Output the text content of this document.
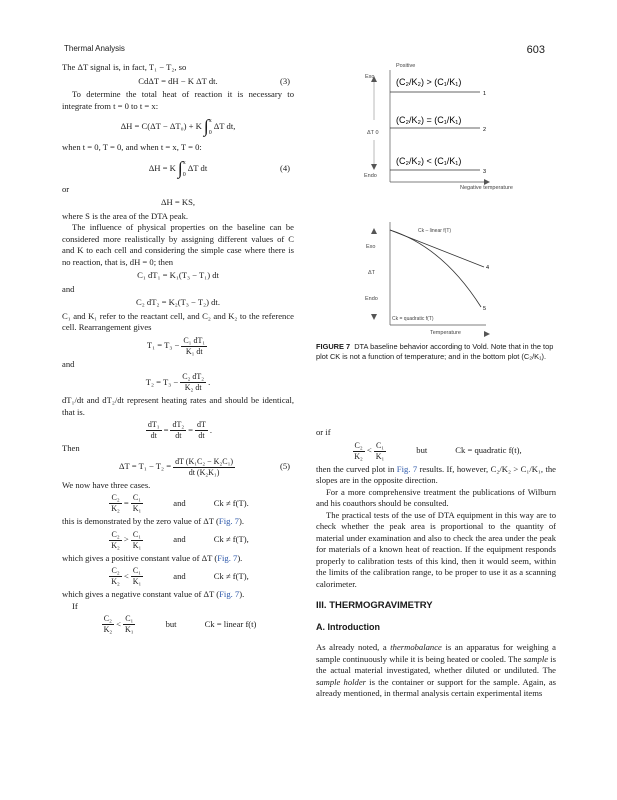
Thermal Analysis	603

The ΔT signal is, in fact, T₁ − T₂, so

CdΔT = dH − K ΔT dt.	(3)

To determine the total heat of reaction it is necessary to integrate from t = 0 to t = x:

ΔH = C(ΔT − ΔT₀) + K ∫ x
0
ΔT dt,

when t = 0, T = 0, and when t = x, T = 0:

ΔH = K ∫ x
0
ΔT dt	(4)

or

ΔH = KS,

where S is the area of the DTA peak.

The influence of physical properties on the baseline can be considered more realistically by assigning different values of C and K to each cell and considering the simple case where there is no reaction, that is, dH = 0; then

C₁ dT₁ = K₁(T₃ − T₁) dt

and

C₂ dT₂ = K₂(T₃ − T₂) dt.

C₁ and K₁ refer to the reactant cell, and C₂ and K₂ to the reference cell. Rearrangement gives

$T_1 = T_3 - \frac{\text{C₁ dT₁}}{\text{K₁ dt}}$

and

$T_2 = T_3 - \frac{\text{C₂ dT₂}}{\text{K₂ dt}}$ .

dT₁/dt and dT₂/dt represent heating rates and should be identical, that is.

$\frac{\text{dT₁}}{dt} = \frac{\text{dT₂}}{dt} = \frac{dT}{dt}$ .

Then

$\Delta T = T_1 - T_2 = \frac{\text{dT (K₁C₂ − K₂C₁)}}{\text{dt (K₂K₁)}}$	(5)

We now have three cases.

$\frac{\text{C₂}}{\text{K₂}} = \frac{\text{C₁}}{\text{K₁}}$	and	Ck ≠ f(T).

this is demonstrated by the zero value of ΔT (Fig. 7).

$\frac{\text{C₂}}{\text{K₂}} > \frac{\text{C₁}}{\text{K₁}}$	and	Ck ≠ f(T),

which gives a positive constant value of ΔT (Fig. 7).

$\frac{\text{C₂}}{\text{K₂}} < \frac{\text{C₁}}{\text{K₁}}$	and	Ck ≠ f(T),

which gives a negative constant value of ΔT (Fig. 7).

If

$\frac{\text{C₂}}{\text{K₂}} < \frac{\text{C₁}}{\text{K₁}}$	but	Ck = linear f(t)
Positive
Negative temperature
Exo
ΔT 0
Endo
1
2
3
(C₂/K₂) > (C₁/K₁)
(C₂/K₂) = (C₁/K₁)
(C₂/K₂) < (C₁/K₁)
Exo
ΔT
Endo
Ck – linear f(T)
4
5
Ck = quadratic f(T)
Temperature
FIGURE 7 DTA baseline behavior according to Vold. Note that in the top plot CK is not a function of temperature; and in the bottom plot (C₂/K₁).

or if

$\frac{\text{C₂}}{\text{K₂}} < \frac{\text{C₁}}{\text{K₁}}$	but	Ck = quadratic f(t),

then the curved plot in Fig. 7 results. If, however, C₂/K₂ > C₁/K₁, the slopes are in the opposite direction.

For a more comprehensive treatment the publications of Wilburn and his coauthors should be consulted.

The practical tests of the use of DTA equipment in this way are to check whether the peak area is proportional to the quantity of material under examination and also to check the area under the peak for materials of a known heat of reaction. If the equipment responds properly to calibration tests of this kind, then it would seem, within the limits of the calibration range, to be proper to use it as a scanning calorimeter.

III. THERMOGRAVIMETRY
A. Introduction

As already noted, a thermobalance is an apparatus for weighing a sample continuously while it is being heated or cooled. The sample is the actual material investigated, whether diluted or undiluted. The sample holder is the container or support for the sample. Again, as already mentioned, in thermal analysis certain experimental items
